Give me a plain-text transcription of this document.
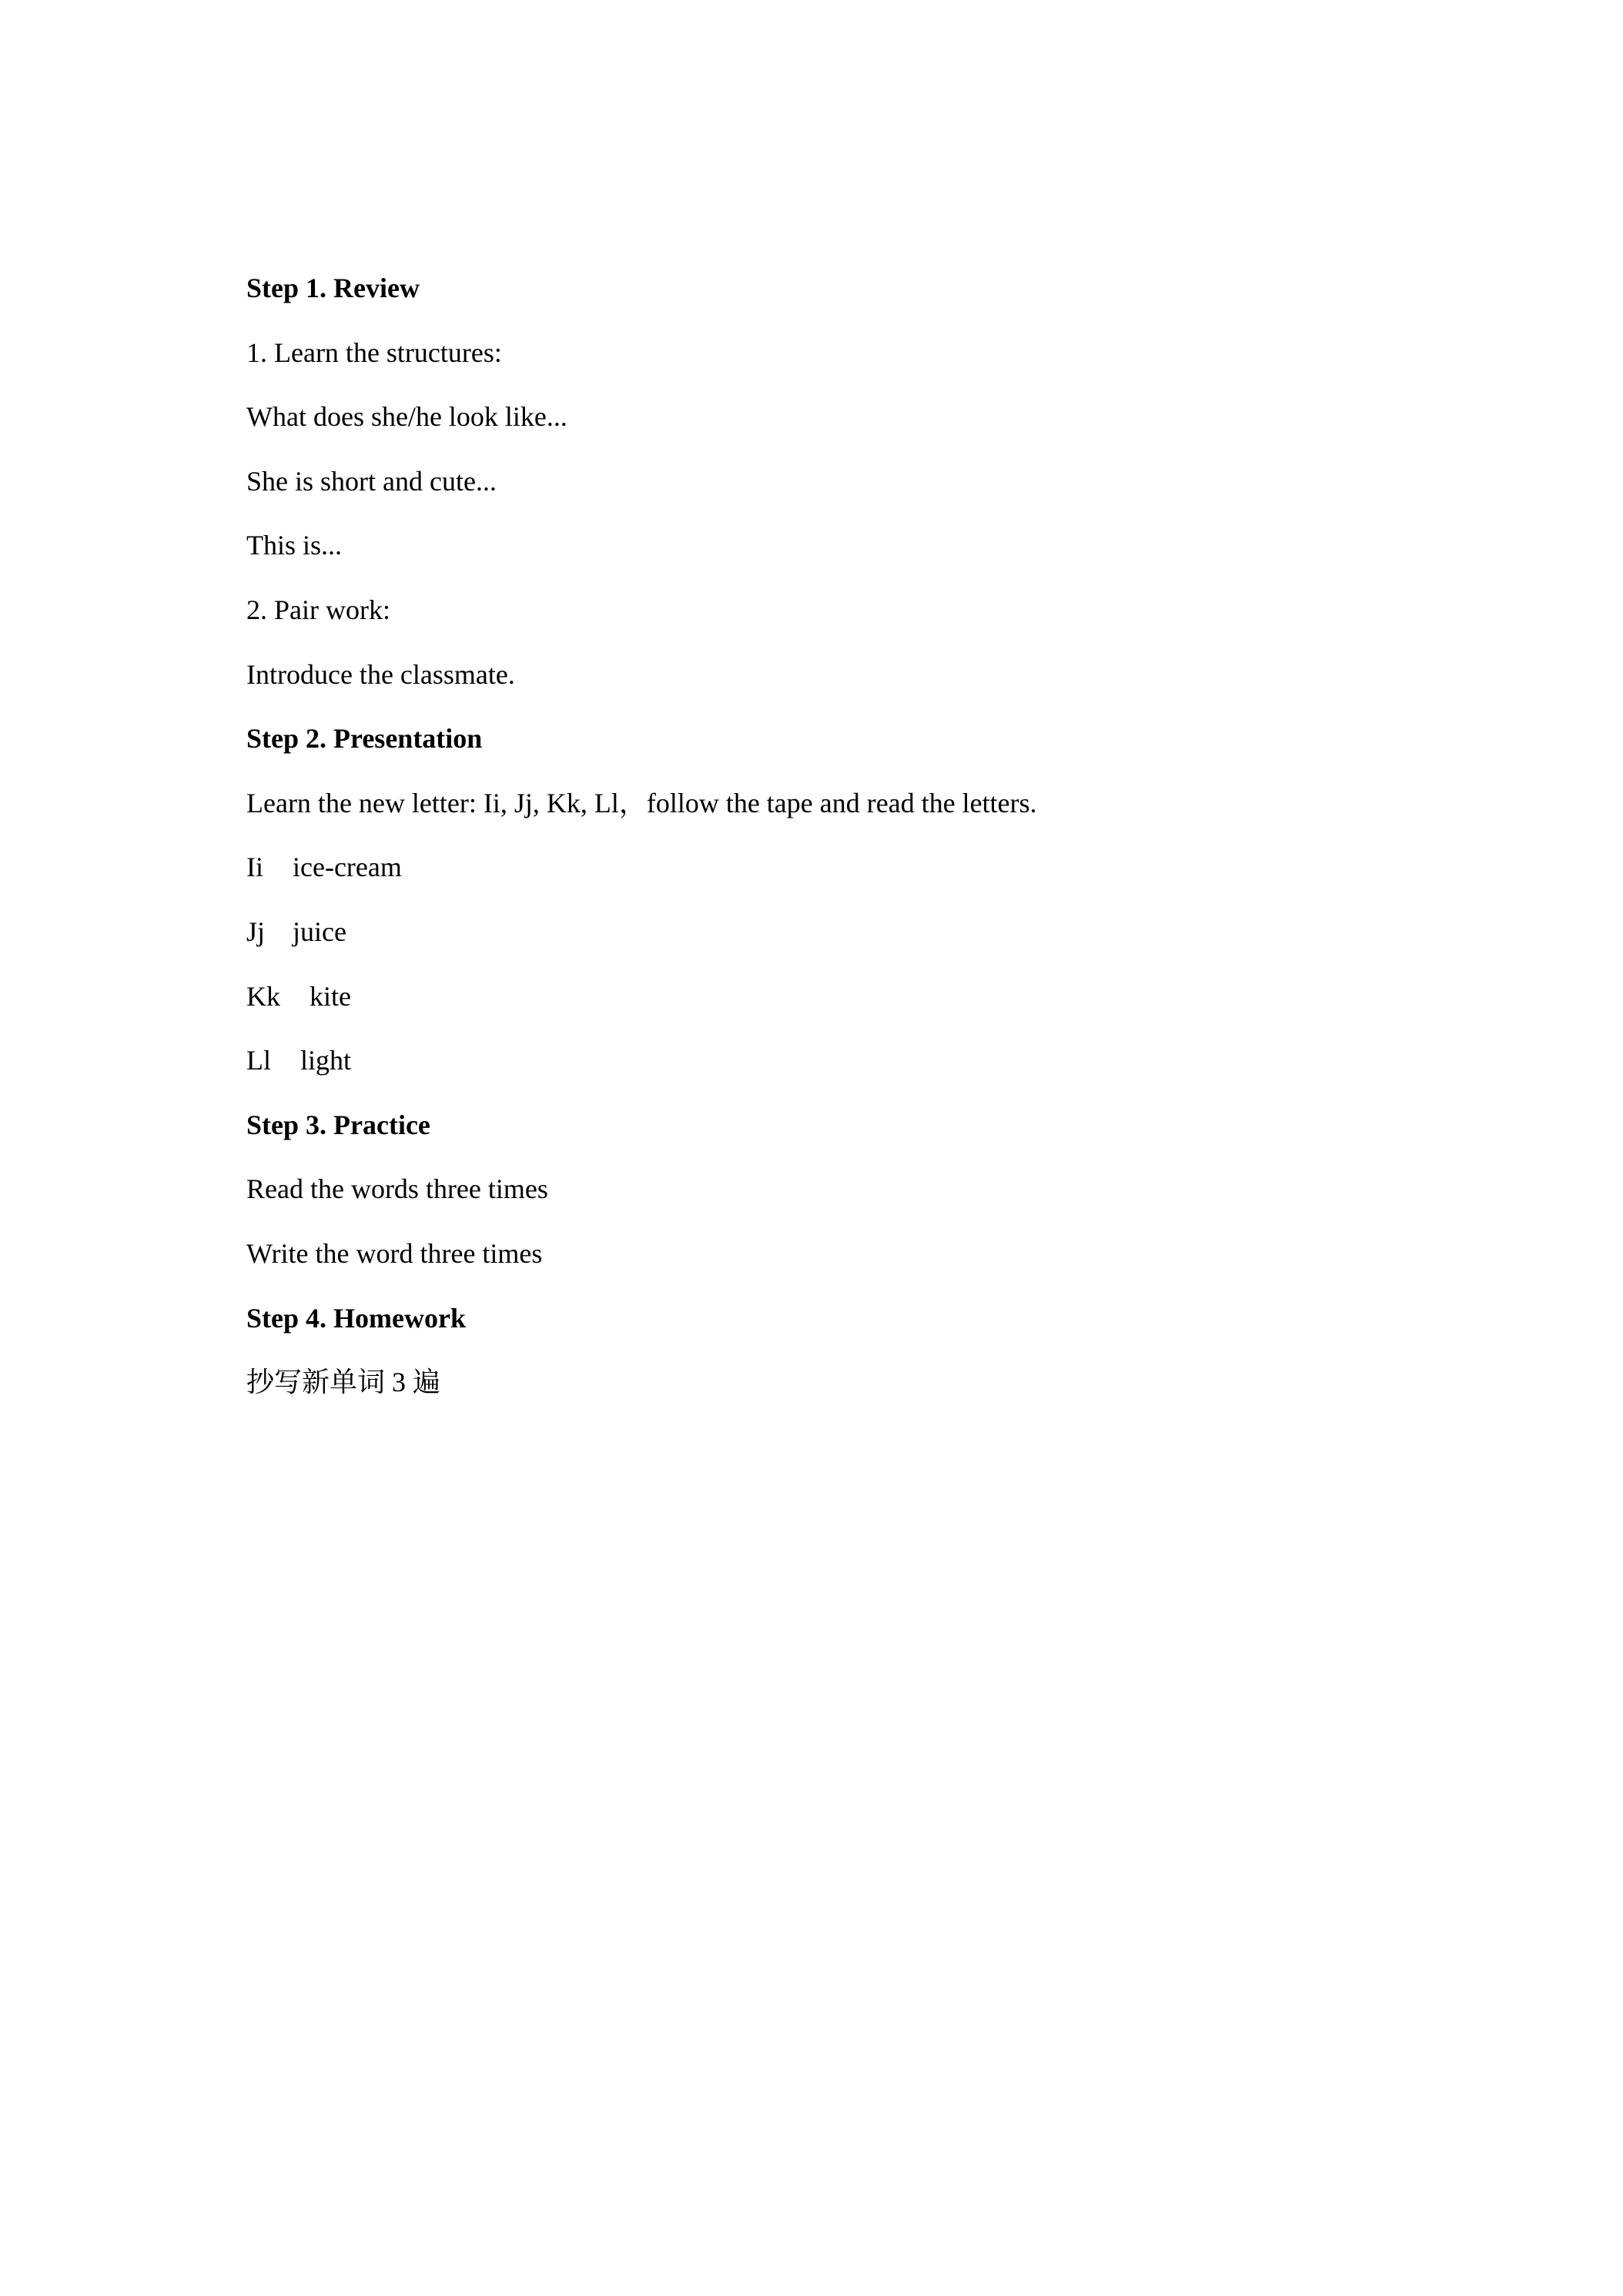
Step 1. Review
1. Learn the structures:
What does she/he look like...
She is short and cute...
This is...
2. Pair work:
Introduce the classmate.
Step 2. Presentation
Learn the new letter: Ii, Jj, Kk, Ll，follow the tape and read the letters.
Ii	ice-cream
Jj juice
Kk	kite
Ll	light
Step 3. Practice
Read the words three times
Write the word three times
Step 4. Homework
抄写新单词 3 遍
